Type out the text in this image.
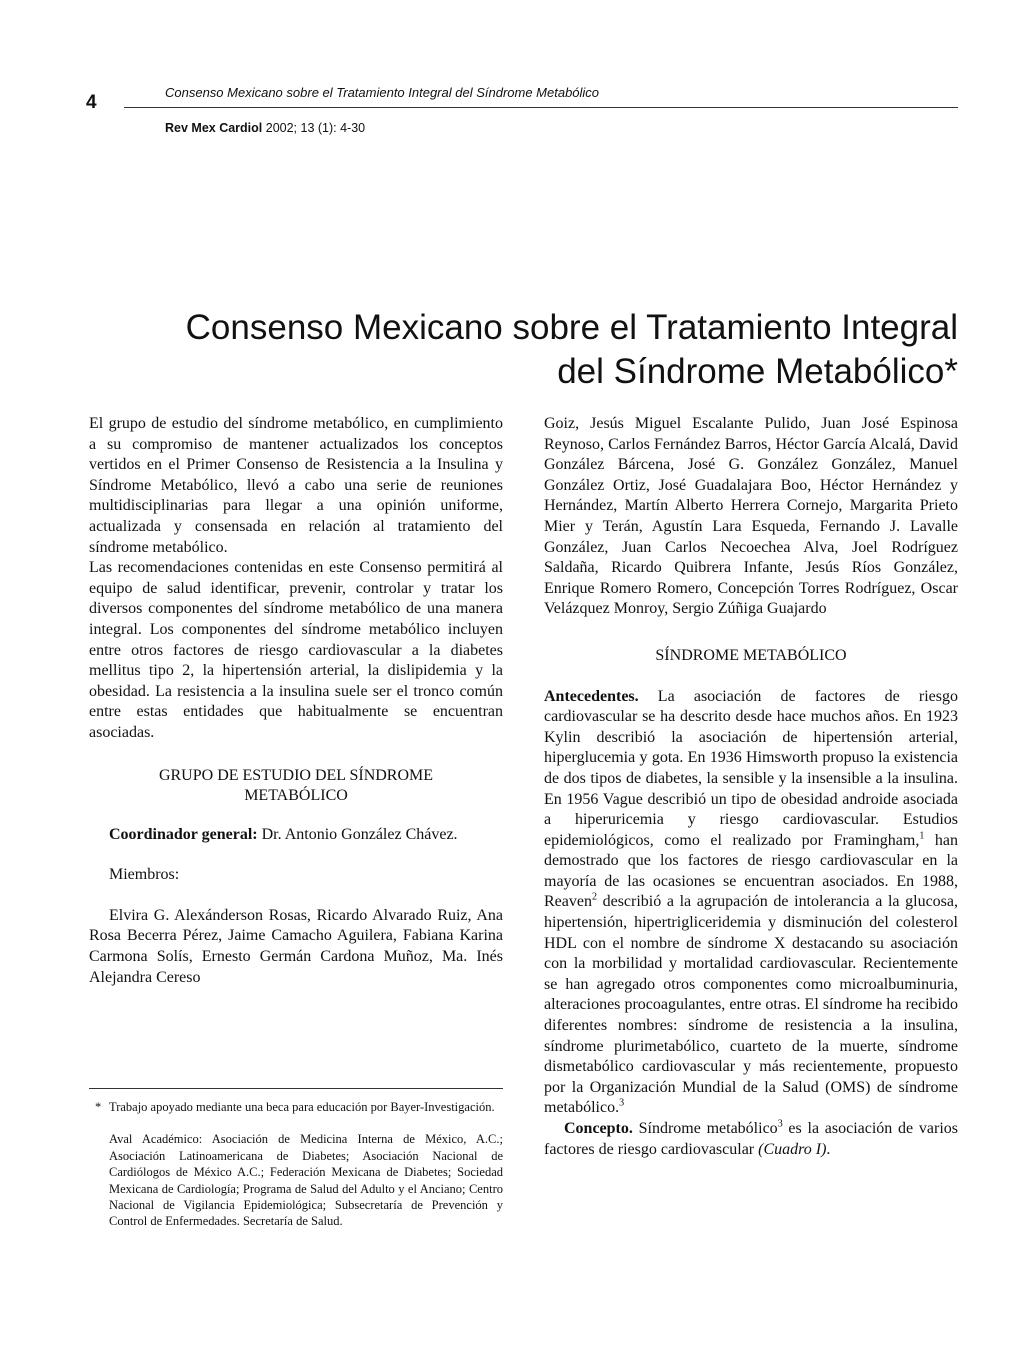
4	Consenso Mexicano sobre el Tratamiento Integral del Síndrome Metabólico
Rev Mex Cardiol 2002; 13 (1): 4-30
Consenso Mexicano sobre el Tratamiento Integral
del Síndrome Metabólico*

El grupo de estudio del síndrome metabólico, en cumplimiento a su compromiso de mantener actualizados los conceptos vertidos en el Primer Consenso de Resistencia a la Insulina y Síndrome Metabólico, llevó a cabo una serie de reuniones multidisciplinarias para llegar a una opinión uniforme, actualizada y consensada en relación al tratamiento del síndrome metabólico.

Las recomendaciones contenidas en este Consenso permitirá al equipo de salud identificar, prevenir, controlar y tratar los diversos componentes del síndrome metabólico de una manera integral. Los componentes del síndrome metabólico incluyen entre otros factores de riesgo cardiovascular a la diabetes mellitus tipo 2, la hipertensión arterial, la dislipidemia y la obesidad. La resistencia a la insulina suele ser el tronco común entre estas entidades que habitualmente se encuentran asociadas.

GRUPO DE ESTUDIO DEL SÍNDROME
METABÓLICO

Coordinador general: Dr. Antonio González Chávez.

Miembros:

Elvira G. Alexánderson Rosas, Ricardo Alvarado Ruiz, Ana Rosa Becerra Pérez, Jaime Camacho Aguilera, Fabiana Karina Carmona Solís, Ernesto Germán Cardona Muñoz, Ma. Inés Alejandra Cereso

* Trabajo apoyado mediante una beca para educación por Bayer-Investigación.

Aval Académico: Asociación de Medicina Interna de México, A.C.; Asociación Latinoamericana de Diabetes; Asociación Nacional de Cardiólogos de México A.C.; Federación Mexicana de Diabetes; Sociedad Mexicana de Cardiología; Programa de Salud del Adulto y el Anciano; Centro Nacional de Vigilancia Epidemiológica; Subsecretaría de Prevención y Control de Enfermedades. Secretaría de Salud.

Goiz, Jesús Miguel Escalante Pulido, Juan José Espinosa Reynoso, Carlos Fernández Barros, Héctor García Alcalá, David González Bárcena, José G. González González, Manuel González Ortiz, José Guadalajara Boo, Héctor Hernández y Hernández, Martín Alberto Herrera Cornejo, Margarita Prieto Mier y Terán, Agustín Lara Esqueda, Fernando J. Lavalle González, Juan Carlos Necoechea Alva, Joel Rodríguez Saldaña, Ricardo Quibrera Infante, Jesús Ríos González, Enrique Romero Romero, Concepción Torres Rodríguez, Oscar Velázquez Monroy, Sergio Zúñiga Guajardo

SÍNDROME METABÓLICO

Antecedentes. La asociación de factores de riesgo cardiovascular se ha descrito desde hace muchos años. En 1923 Kylin describió la asociación de hipertensión arterial, hiperglucemia y gota. En 1936 Himsworth propuso la existencia de dos tipos de diabetes, la sensible y la insensible a la insulina. En 1956 Vague describió un tipo de obesidad androide asociada a hiperuricemia y riesgo cardiovascular. Estudios epidemiológicos, como el realizado por Framingham,$^1$ han demostrado que los factores de riesgo cardiovascular en la mayoría de las ocasiones se encuentran asociados. En 1988, Reaven$^2$ describió a la agrupación de intolerancia a la glucosa, hipertensión, hipertrigliceridemia y disminución del colesterol HDL con el nombre de síndrome X destacando su asociación con la morbilidad y mortalidad cardiovascular. Recientemente se han agregado otros componentes como microalbuminuria, alteraciones procoagulantes, entre otras. El síndrome ha recibido diferentes nombres: síndrome de resistencia a la insulina, síndrome plurimetabólico, cuarteto de la muerte, síndrome dismetabólico cardiovascular y más recientemente, propuesto por la Organización Mundial de la Salud (OMS) de síndrome metabólico.$^3$

Concepto. Síndrome metabólico$^3$ es la asociación de varios factores de riesgo cardiovascular (Cuadro I).
